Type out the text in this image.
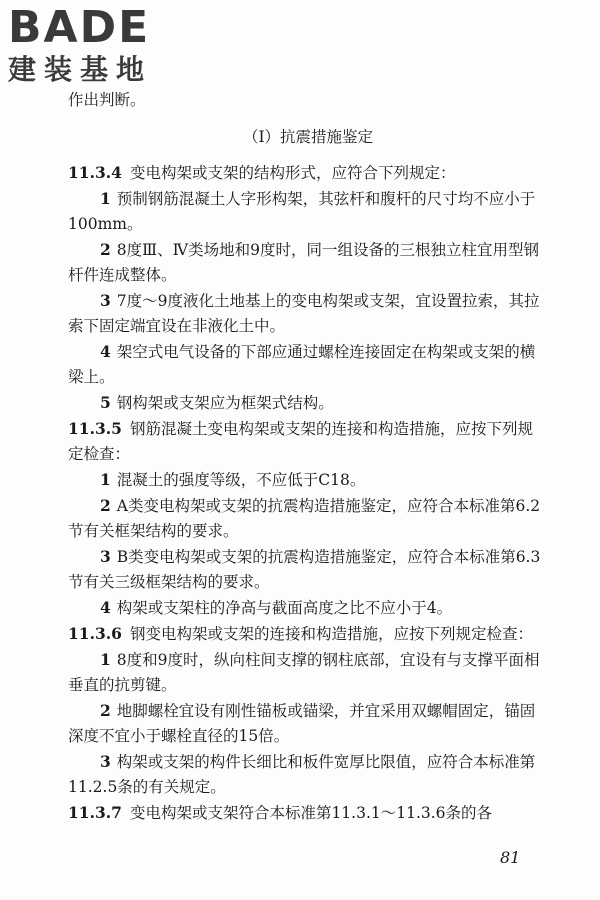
BADE
建装基地

作出判断。

（Ⅰ）抗震措施鉴定

11.3.4 变电构架或支架的结构形式，应符合下列规定：

1 预制钢筋混凝土人字形构架，其弦杆和腹杆的尺寸均不应小于100mm。

2 8度Ⅲ、Ⅳ类场地和9度时，同一组设备的三根独立柱宜用型钢杆件连成整体。

3 7度～9度液化土地基上的变电构架或支架，宜设置拉索，其拉索下固定端宜设在非液化土中。

4 架空式电气设备的下部应通过螺栓连接固定在构架或支架的横梁上。

5 钢构架或支架应为框架式结构。

11.3.5 钢筋混凝土变电构架或支架的连接和构造措施，应按下列规定检查：

1 混凝土的强度等级，不应低于C18。

2 A类变电构架或支架的抗震构造措施鉴定，应符合本标准第6.2节有关框架结构的要求。

3 B类变电构架或支架的抗震构造措施鉴定，应符合本标准第6.3节有关三级框架结构的要求。

4 构架或支架柱的净高与截面高度之比不应小于4。

11.3.6 钢变电构架或支架的连接和构造措施，应按下列规定检查：

1 8度和9度时，纵向柱间支撑的钢柱底部，宜设有与支撑平面相垂直的抗剪键。

2 地脚螺栓宜设有刚性锚板或锚梁，并宜采用双螺帽固定，锚固深度不宜小于螺栓直径的15倍。

3 构架或支架的构件长细比和板件宽厚比限值，应符合本标准第11.2.5条的有关规定。

11.3.7 变电构架或支架符合本标准第11.3.1～11.3.6条的各

81
